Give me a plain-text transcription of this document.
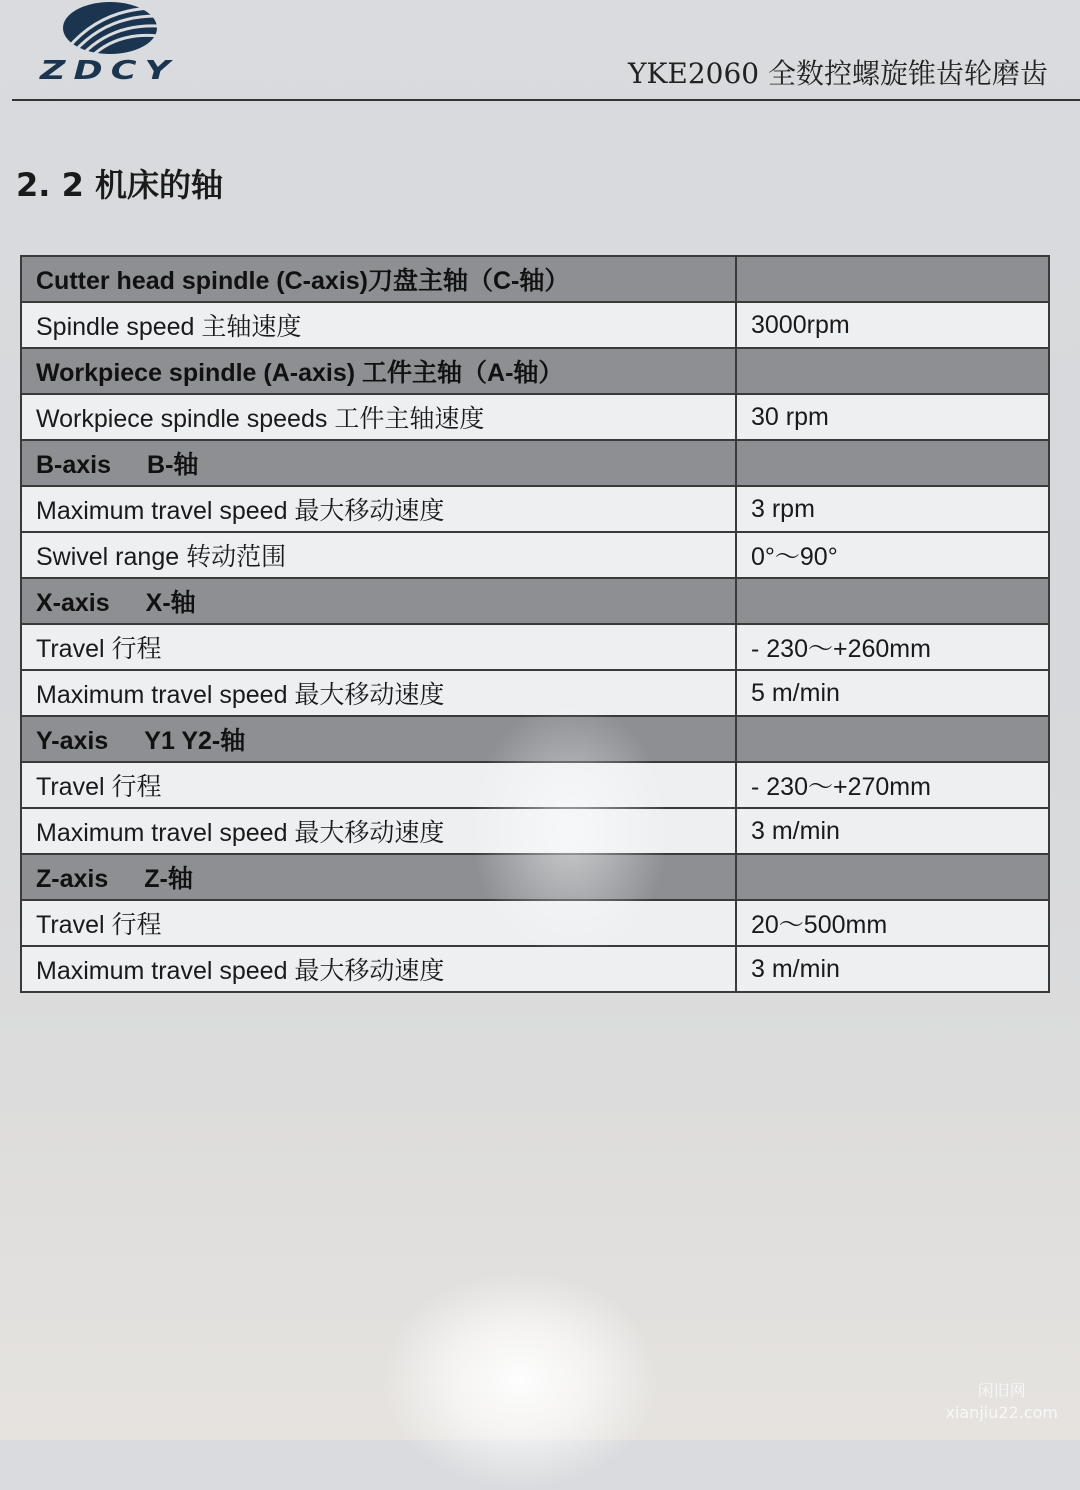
ZDCY	YKE2060 全数控螺旋锥齿轮磨齿
2. 2 机床的轴
Cutter head spindle (C-axis)刀盘主轴（C-轴）	
Spindle speed 主轴速度	3000rpm
Workpiece spindle (A-axis) 工件主轴（A-轴）	
Workpiece spindle speeds 工件主轴速度	30 rpm
B-axis B-轴	
Maximum travel speed 最大移动速度	3 rpm
Swivel range 转动范围	0°～90°
X-axis X-轴	
Travel 行程	- 230～+260mm
Maximum travel speed 最大移动速度	5 m/min
Y-axis Y1 Y2-轴	
Travel 行程	- 230～+270mm
Maximum travel speed 最大移动速度	3 m/min
Z-axis Z-轴	
Travel 行程	20～500mm
Maximum travel speed 最大移动速度	3 m/min
闲旧网
xianjiu22.com
